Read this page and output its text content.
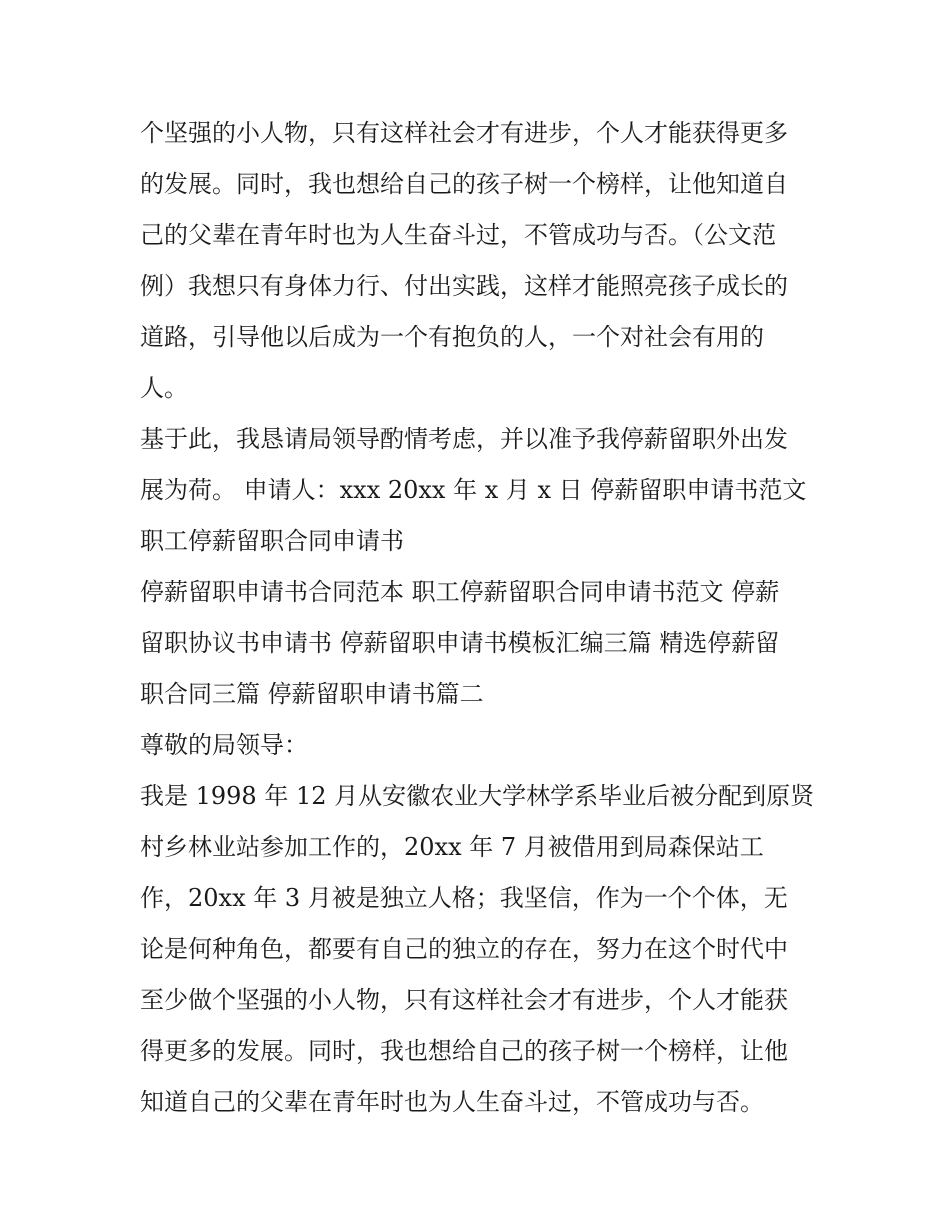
个坚强的小人物，只有这样社会才有进步，个人才能获得更多
的发展。同时，我也想给自己的孩子树一个榜样，让他知道自
己的父辈在青年时也为人生奋斗过，不管成功与否。（公文范
例）我想只有身体力行、付出实践，这样才能照亮孩子成长的
道路，引导他以后成为一个有抱负的人，一个对社会有用的
人。
基于此，我恳请局领导酌情考虑，并以准予我停薪留职外出发
展为荷。 申请人：xxx 20xx 年 x 月 x 日 停薪留职申请书范文
职工停薪留职合同申请书
停薪留职申请书合同范本 职工停薪留职合同申请书范文 停薪
留职协议书申请书 停薪留职申请书模板汇编三篇 精选停薪留
职合同三篇 停薪留职申请书篇二
尊敬的局领导：
我是 1998 年 12 月从安徽农业大学林学系毕业后被分配到原贤
村乡林业站参加工作的，20xx 年 7 月被借用到局森保站工
作，20xx 年 3 月被是独立人格；我坚信，作为一个个体，无
论是何种角色，都要有自己的独立的存在，努力在这个时代中
至少做个坚强的小人物，只有这样社会才有进步，个人才能获
得更多的发展。同时，我也想给自己的孩子树一个榜样，让他
知道自己的父辈在青年时也为人生奋斗过，不管成功与否。
